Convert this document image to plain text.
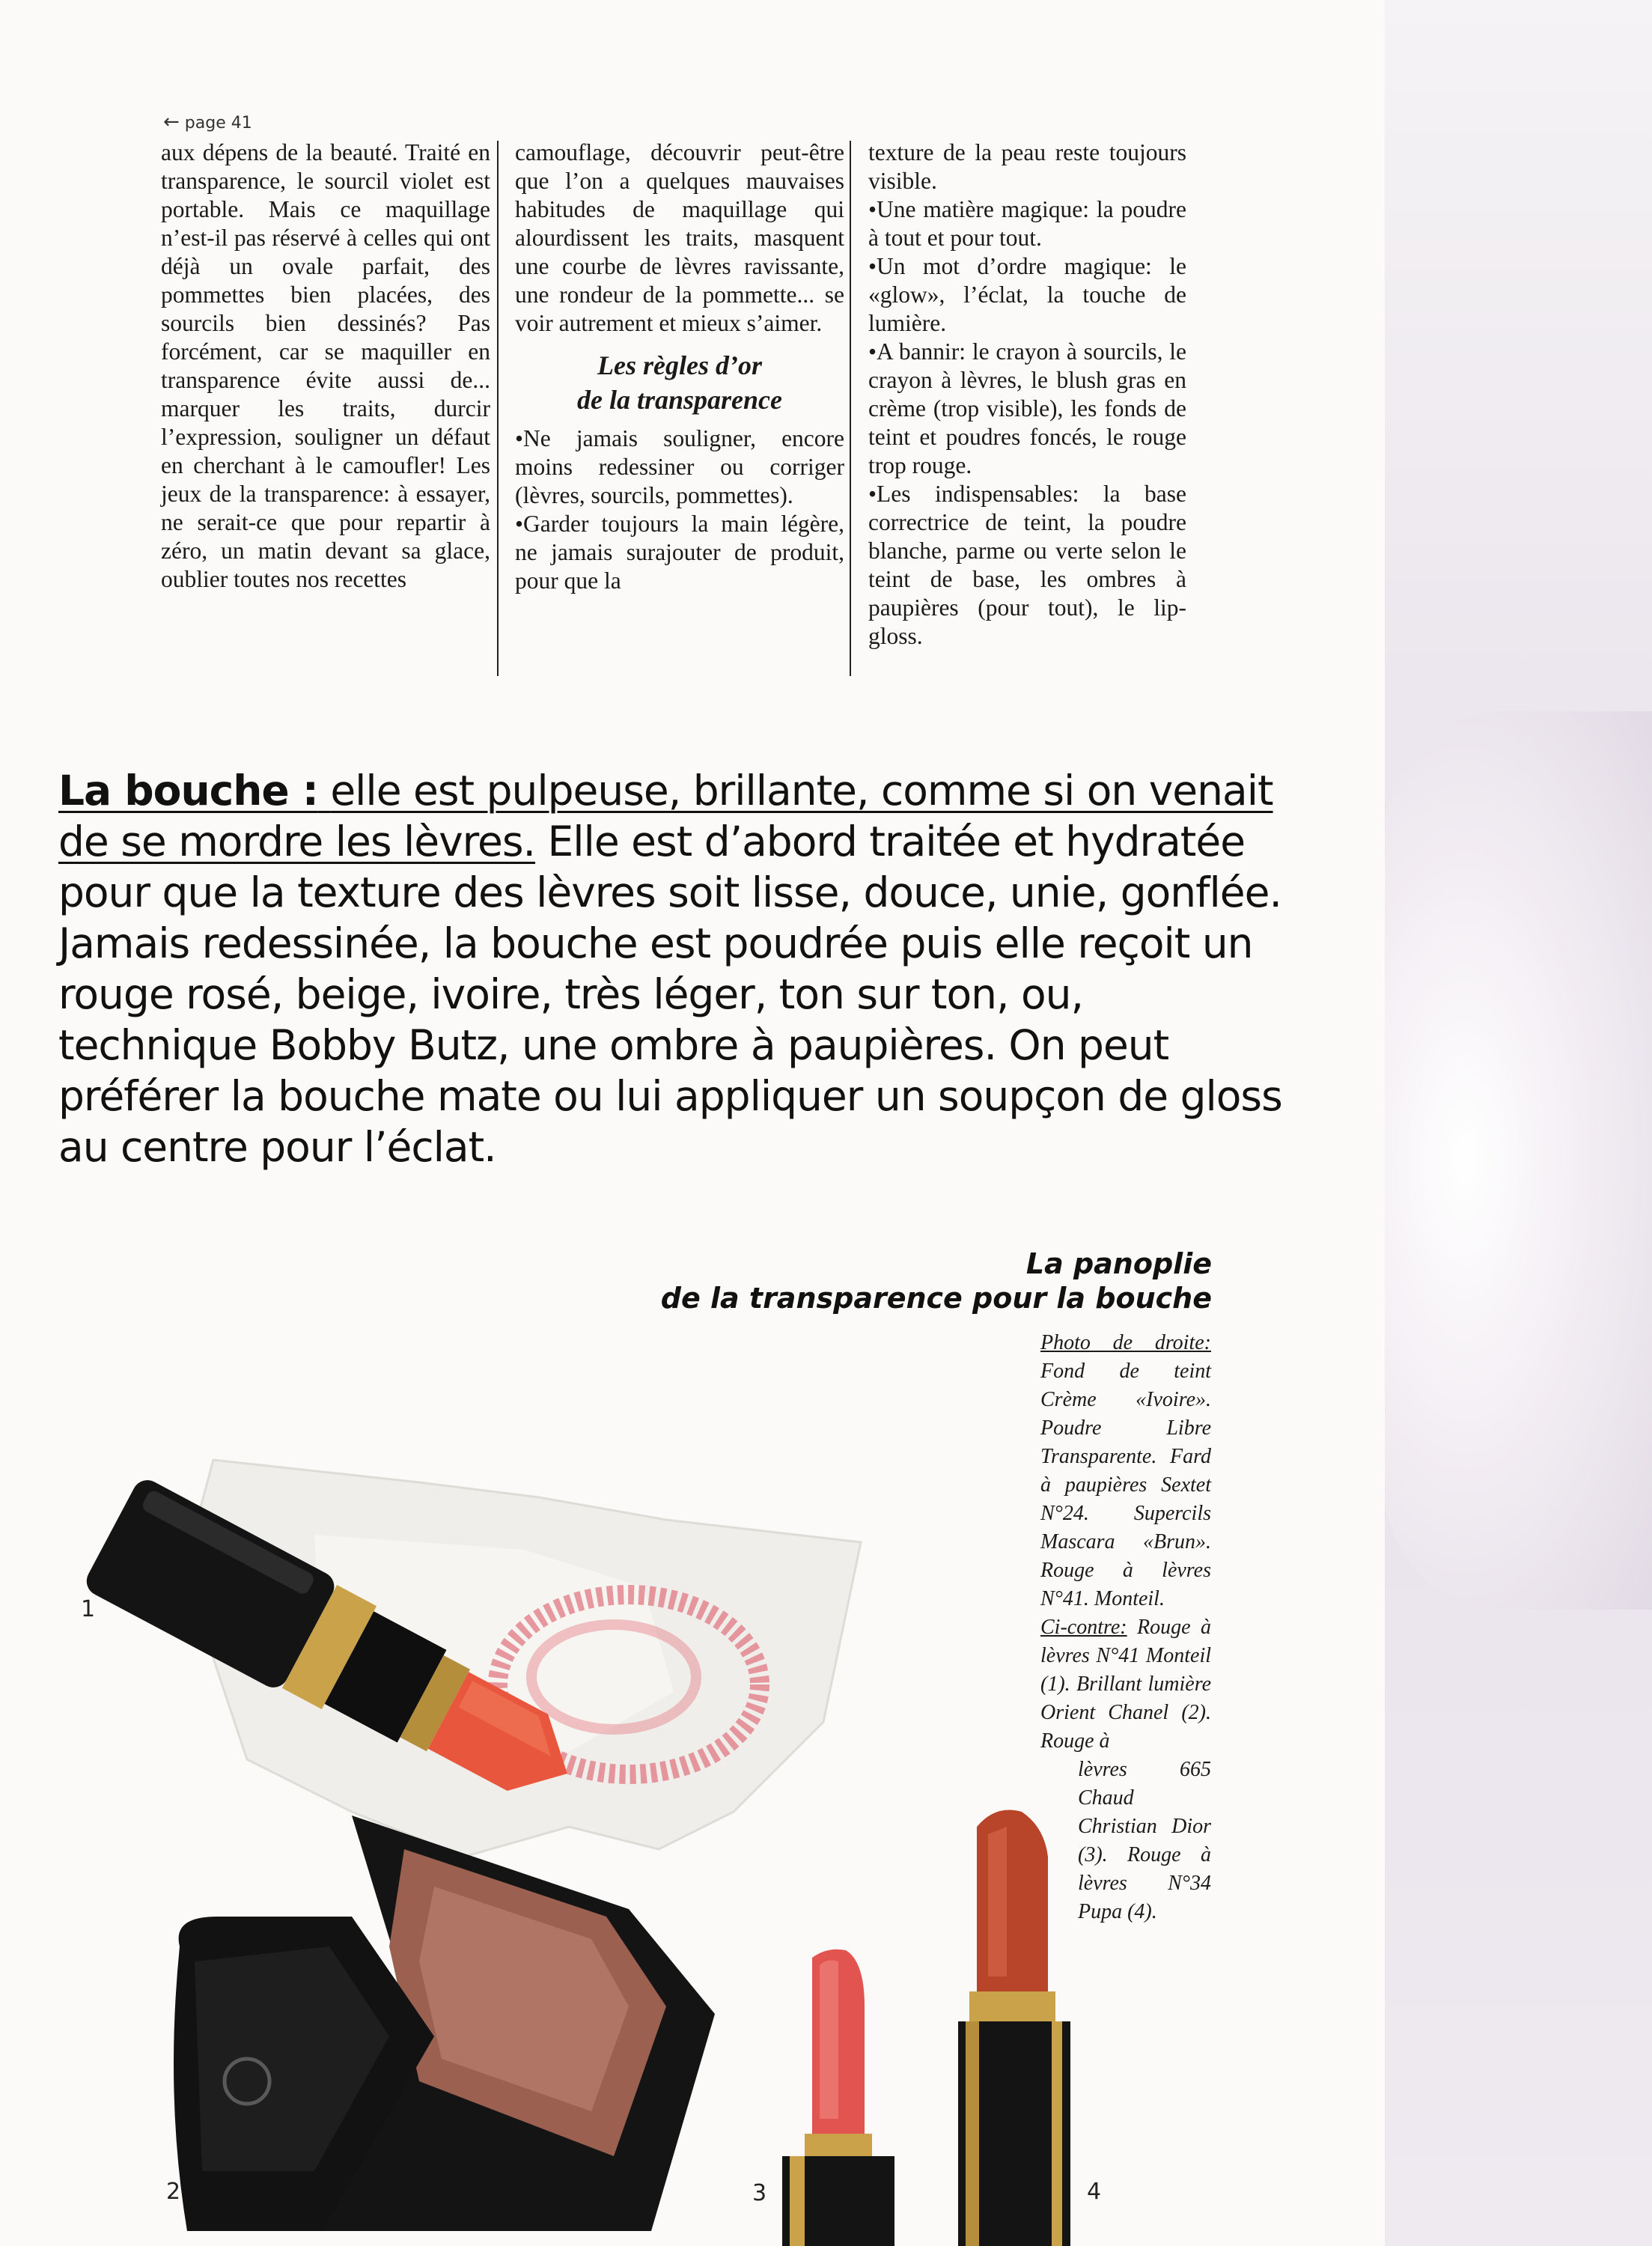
← page 41

aux dépens de la beauté. Traité en transparence, le sourcil violet est portable. Mais ce maquillage n’est-il pas réservé à celles qui ont déjà un ovale parfait, des pommettes bien placées, des sourcils bien dessinés? Pas forcément, car se maquiller en transparence évite aussi de... marquer les traits, durcir l’expression, souligner un défaut en cherchant à le camoufler! Les jeux de la transparence: à essayer, ne serait-ce que pour repartir à zéro, un matin devant sa glace, oublier toutes nos recettes

camouflage, découvrir peut-être que l’on a quelques mauvaises habitudes de maquillage qui alourdissent les traits, masquent une courbe de lèvres ravissante, une rondeur de la pommette... se voir autrement et mieux s’aimer.

Les règles d’or
de la transparence

•Ne jamais souligner, encore moins redessiner ou corriger (lèvres, sourcils, pommettes).

•Garder toujours la main légère, ne jamais surajouter de produit, pour que la

texture de la peau reste toujours visible.

•Une matière magique: la poudre à tout et pour tout.

•Un mot d’ordre magique: le «glow», l’éclat, la touche de lumière.

•A bannir: le crayon à sourcils, le crayon à lèvres, le blush gras en crème (trop visible), les fonds de teint et poudres foncés, le rouge trop rouge.

•Les indispensables: la base correctrice de teint, la poudre blanche, parme ou verte selon le teint de base, les ombres à paupières (pour tout), le lip-gloss.

La bouche : elle est pulpeuse, brillante, comme si on venait de se mordre les lèvres. Elle est d’abord traitée et hydratée pour que la texture des lèvres soit lisse, douce, unie, gonflée. Jamais redessinée, la bouche est poudrée puis elle reçoit un rouge rosé, beige, ivoire, très léger, ton sur ton, ou, technique Bobby Butz, une ombre à paupières. On peut préférer la bouche mate ou lui appliquer un soupçon de gloss au centre pour l’éclat.
La panoplie
de la transparence pour la bouche

Photo de droite: Fond de teint Crème «Ivoire». Poudre Libre Transparente. Fard à paupières Sextet N°24. Supercils Mascara «Brun». Rouge à lèvres N°41. Monteil.

Ci-contre: Rouge à lèvres N°41 Monteil (1). Brillant lumière Orient Chanel (2). Rouge à

lèvres 665 Chaud Christian Dior (3). Rouge à lèvres N°34 Pupa (4).

1
2	3	4
